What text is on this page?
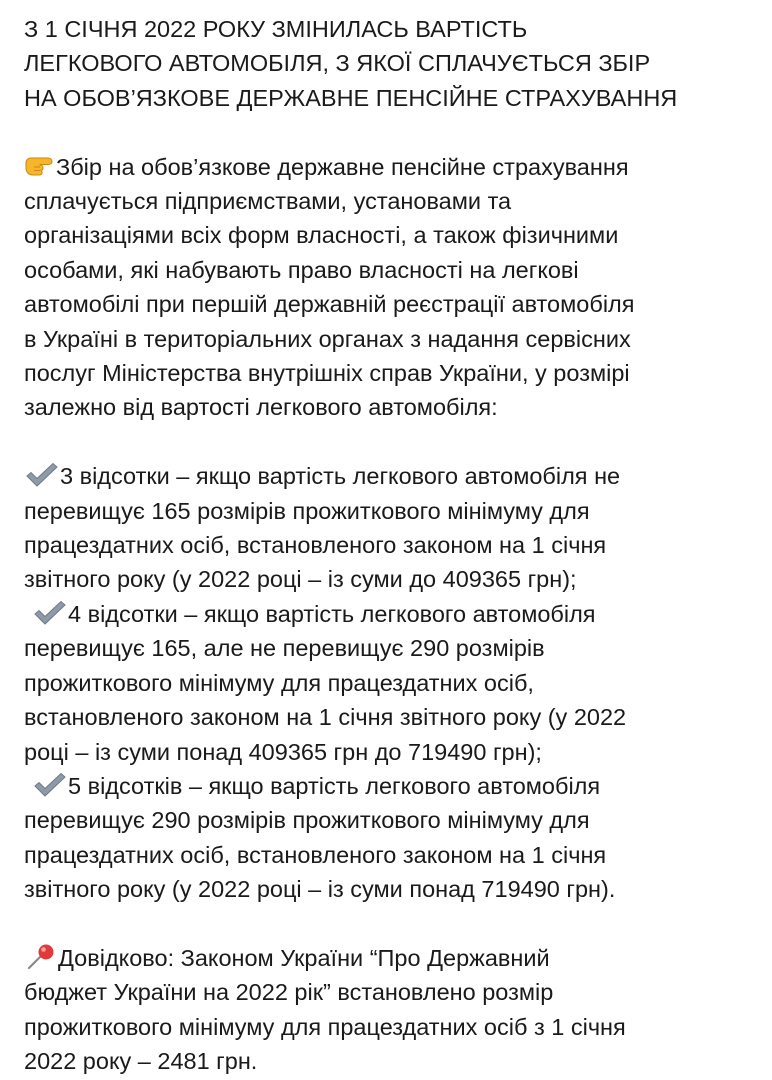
З 1 СІЧНЯ 2022 РОКУ ЗМІНИЛАСЬ ВАРТІСТЬ
ЛЕГКОВОГО АВТОМОБІЛЯ, З ЯКОЇ СПЛАЧУЄТЬСЯ ЗБІР
НА ОБОВ’ЯЗКОВЕ ДЕРЖАВНЕ ПЕНСІЙНЕ СТРАХУВАННЯ
Збір на обов’язкове державне пенсійне страхування
сплачується підприємствами, установами та
організаціями всіх форм власності, а також фізичними
особами, які набувають право власності на легкові
автомобілі при першій державній реєстрації автомобіля
в Україні в територіальних органах з надання сервісних
послуг Міністерства внутрішніх справ України, у розмірі
залежно від вартості легкового автомобіля:
3 відсотки – якщо вартість легкового автомобіля не
перевищує 165 розмірів прожиткового мінімуму для
працездатних осіб, встановленого законом на 1 січня
звітного року (у 2022 році – із суми до 409365 грн);
4 відсотки – якщо вартість легкового автомобіля
перевищує 165, але не перевищує 290 розмірів
прожиткового мінімуму для працездатних осіб,
встановленого законом на 1 січня звітного року (у 2022
році – із суми понад 409365 грн до 719490 грн);
5 відсотків – якщо вартість легкового автомобіля
перевищує 290 розмірів прожиткового мінімуму для
працездатних осіб, встановленого законом на 1 січня
звітного року (у 2022 році – із суми понад 719490 грн).
Довідково: Законом України “Про Державний
бюджет України на 2022 рік” встановлено розмір
прожиткового мінімуму для працездатних осіб з 1 січня
2022 року – 2481 грн.
